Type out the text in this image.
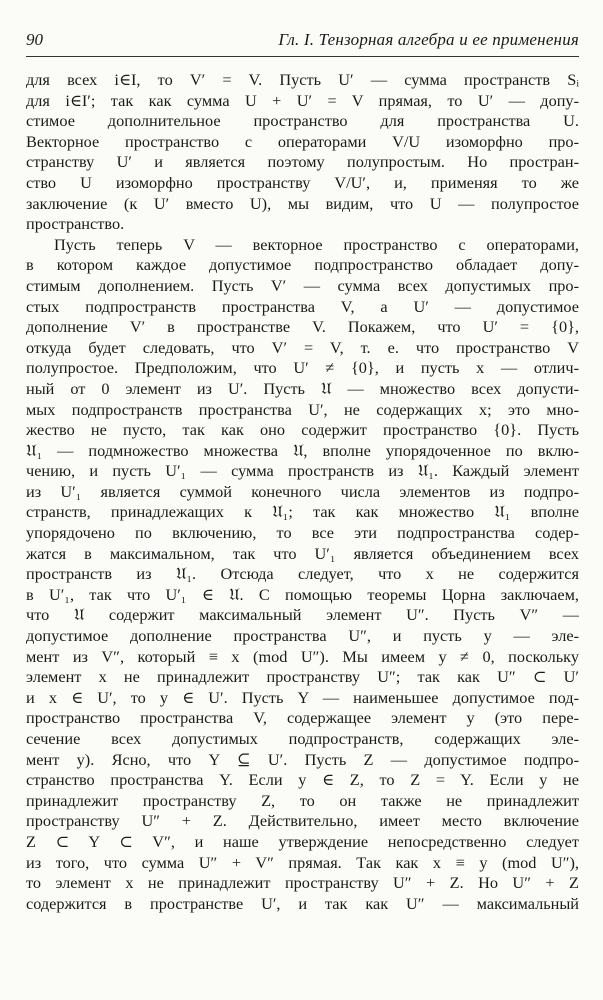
90	Гл. I. Тензорная алгебра и ее применения

для всех i∈I, то V′ = V. Пусть U′ — сумма пространств Sᵢ

для i∈I′; так как сумма U + U′ = V прямая, то U′ — допу-

стимое дополнительное пространство для пространства U.

Векторное пространство с операторами V/U изоморфно про-

странству U′ и является поэтому полупростым. Но простран-

ство U изоморфно пространству V/U′, и, применяя то же

заключение (к U′ вместо U), мы видим, что U — полупростое

пространство.

Пусть теперь V — векторное пространство с операторами,

в котором каждое допустимое подпространство обладает допу-

стимым дополнением. Пусть V′ — сумма всех допустимых про-

стых подпространств пространства V, а U′ — допустимое

дополнение V′ в пространстве V. Покажем, что U′ = {0},

откуда будет следовать, что V′ = V, т. е. что пространство V

полупростое. Предположим, что U′ ≠ {0}, и пусть x — отлич-

ный от 0 элемент из U′. Пусть 𝔘 — множество всех допусти-

мых подпространств пространства U′, не содержащих x; это мно-

жество не пусто, так как оно содержит пространство {0}. Пусть

𝔘₁ — подмножество множества 𝔘, вполне упорядоченное по вклю-

чению, и пусть U′₁ — сумма пространств из 𝔘₁. Каждый элемент

из U′₁ является суммой конечного числа элементов из подпро-

странств, принадлежащих к 𝔘₁; так как множество 𝔘₁ вполне

упорядочено по включению, то все эти подпространства содер-

жатся в максимальном, так что U′₁ является объединением всех

пространств из 𝔘₁. Отсюда следует, что x не содержится

в U′₁, так что U′₁ ∈ 𝔘. С помощью теоремы Цорна заключаем,

что 𝔘 содержит максимальный элемент U″. Пусть V″ —

допустимое дополнение пространства U″, и пусть y — эле-

мент из V″, который ≡ x (mod U″). Мы имеем y ≠ 0, поскольку

элемент x не принадлежит пространству U″; так как U″ ⊂ U′

и x ∈ U′, то y ∈ U′. Пусть Y — наименьшее допустимое под-

пространство пространства V, содержащее элемент y (это пере-

сечение всех допустимых подпространств, содержащих эле-

мент y). Ясно, что Y ⊆ U′. Пусть Z — допустимое подпро-

странство пространства Y. Если y ∈ Z, то Z = Y. Если y не

принадлежит пространству Z, то он также не принадлежит

пространству U″ + Z. Действительно, имеет место включение

Z ⊂ Y ⊂ V″, и наше утверждение непосредственно следует

из того, что сумма U″ + V″ прямая. Так как x ≡ y (mod U″),

то элемент x не принадлежит пространству U″ + Z. Но U″ + Z

содержится в пространстве U′, и так как U″ — максимальный
